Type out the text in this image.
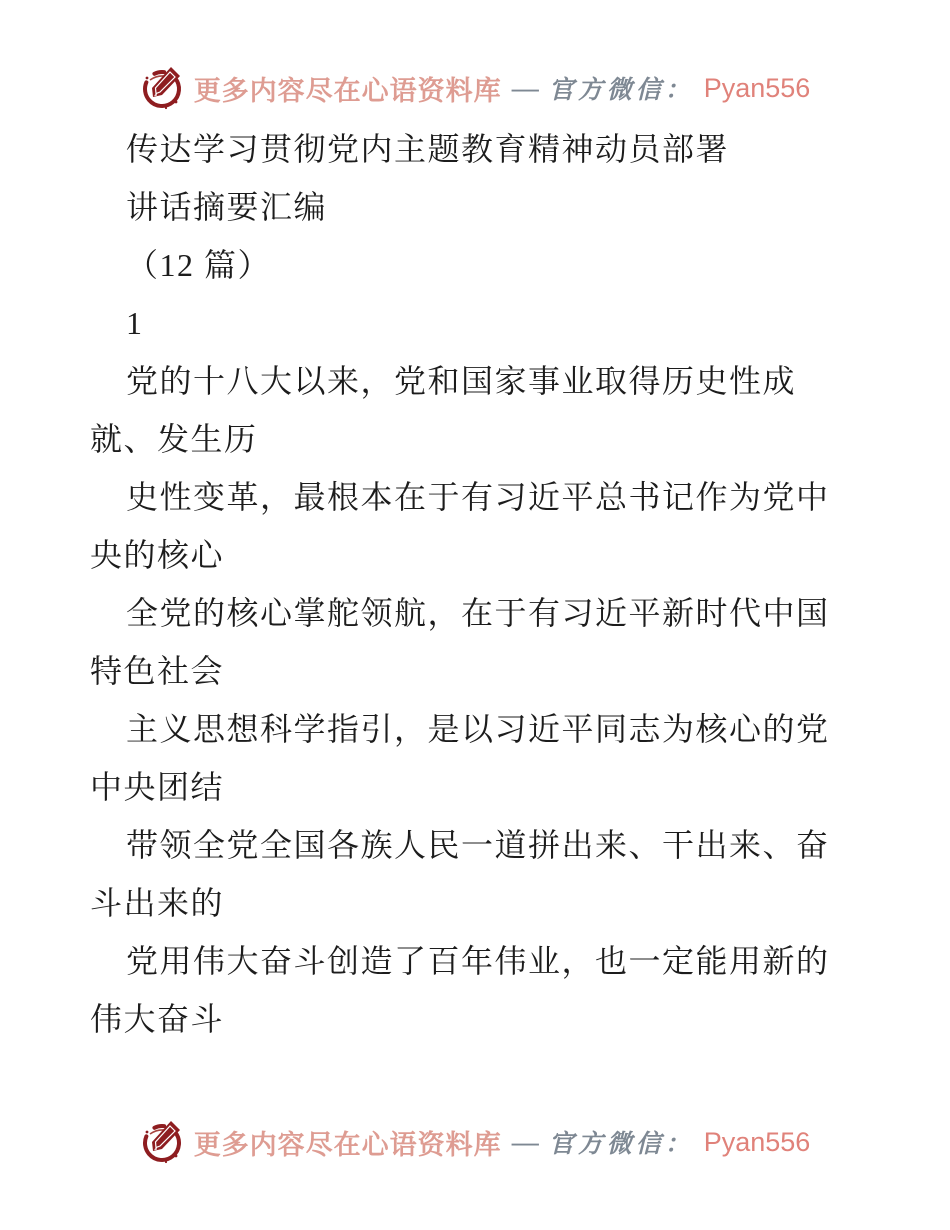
更多内容尽在心语资料库 — 官方微信： Pyan556

传达学习贯彻党内主题教育精神动员部署

讲话摘要汇编

（12 篇）

1

党的十八大以来，党和国家事业取得历史性成

就、发生历

史性变革，最根本在于有习近平总书记作为党中

央的核心

全党的核心掌舵领航，在于有习近平新时代中国

特色社会

主义思想科学指引，是以习近平同志为核心的党

中央团结

带领全党全国各族人民一道拼出来、干出来、奋

斗出来的

党用伟大奋斗创造了百年伟业，也一定能用新的

伟大奋斗

更多内容尽在心语资料库 — 官方微信： Pyan556
